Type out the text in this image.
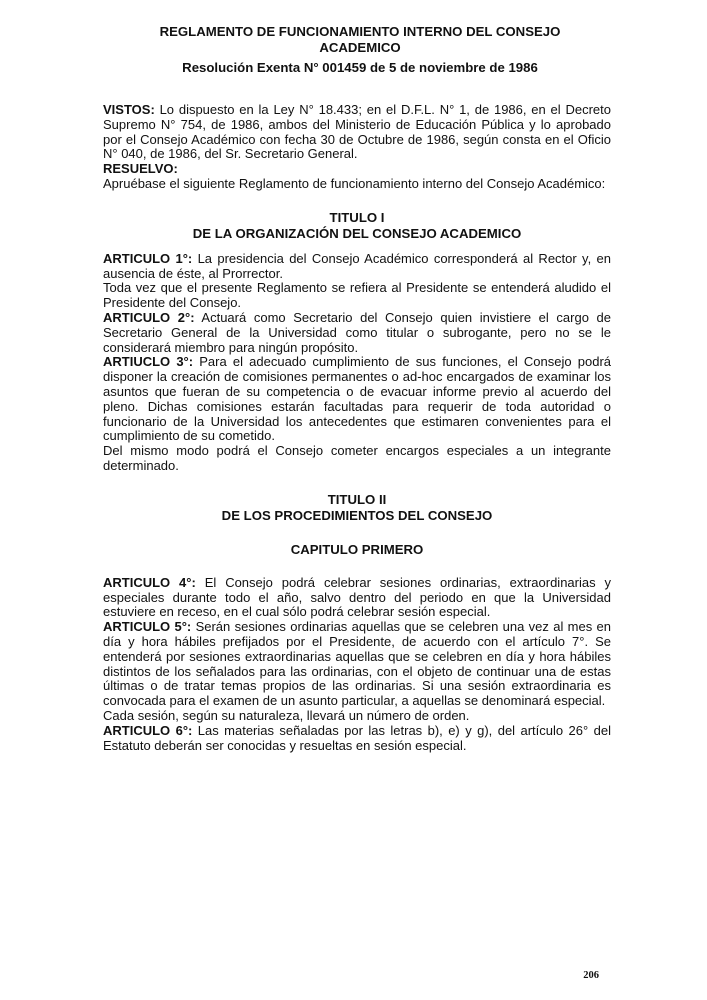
REGLAMENTO DE FUNCIONAMIENTO INTERNO DEL CONSEJO
ACADEMICO
Resolución Exenta N° 001459 de 5 de noviembre de 1986

VISTOS: Lo dispuesto en la Ley N° 18.433; en el D.F.L. N° 1, de 1986, en el Decreto Supremo N° 754, de 1986, ambos del Ministerio de Educación Pública y lo aprobado por el Consejo Académico con fecha 30 de Octubre de 1986, según consta en el Oficio N° 040, de 1986, del Sr. Secretario General.

RESUELVO:

Apruébase el siguiente Reglamento de funcionamiento interno del Consejo Académico:

TITULO I
DE LA ORGANIZACIÓN DEL CONSEJO ACADEMICO

ARTICULO 1°: La presidencia del Consejo Académico corresponderá al Rector y, en ausencia de éste, al Prorrector.

Toda vez que el presente Reglamento se refiera al Presidente se entenderá aludido el Presidente del Consejo.

ARTICULO 2°: Actuará como Secretario del Consejo quien invistiere el cargo de Secretario General de la Universidad como titular o subrogante, pero no se le considerará miembro para ningún propósito.

ARTIUCLO 3°: Para el adecuado cumplimiento de sus funciones, el Consejo podrá disponer la creación de comisiones permanentes o ad-hoc encargados de examinar los asuntos que fueran de su competencia o de evacuar informe previo al acuerdo del pleno. Dichas comisiones estarán facultadas para requerir de toda autoridad o funcionario de la Universidad los antecedentes que estimaren convenientes para el cumplimiento de su cometido.

Del mismo modo podrá el Consejo cometer encargos especiales a un integrante determinado.

TITULO II
DE LOS PROCEDIMIENTOS DEL CONSEJO
CAPITULO PRIMERO

ARTICULO 4°: El Consejo podrá celebrar sesiones ordinarias, extraordinarias y especiales durante todo el año, salvo dentro del periodo en que la Universidad estuviere en receso, en el cual sólo podrá celebrar sesión especial.

ARTICULO 5°: Serán sesiones ordinarias aquellas que se celebren una vez al mes en día y hora hábiles prefijados por el Presidente, de acuerdo con el artículo 7°. Se entenderá por sesiones extraordinarias aquellas que se celebren en día y hora hábiles distintos de los señalados para las ordinarias, con el objeto de continuar una de estas últimas o de tratar temas propios de las ordinarias. Si una sesión extraordinaria es convocada para el examen de un asunto particular, a aquellas se denominará especial.

Cada sesión, según su naturaleza, llevará un número de orden.

ARTICULO 6°: Las materias señaladas por las letras b), e) y g), del artículo 26° del Estatuto deberán ser conocidas y resueltas en sesión especial.

206
